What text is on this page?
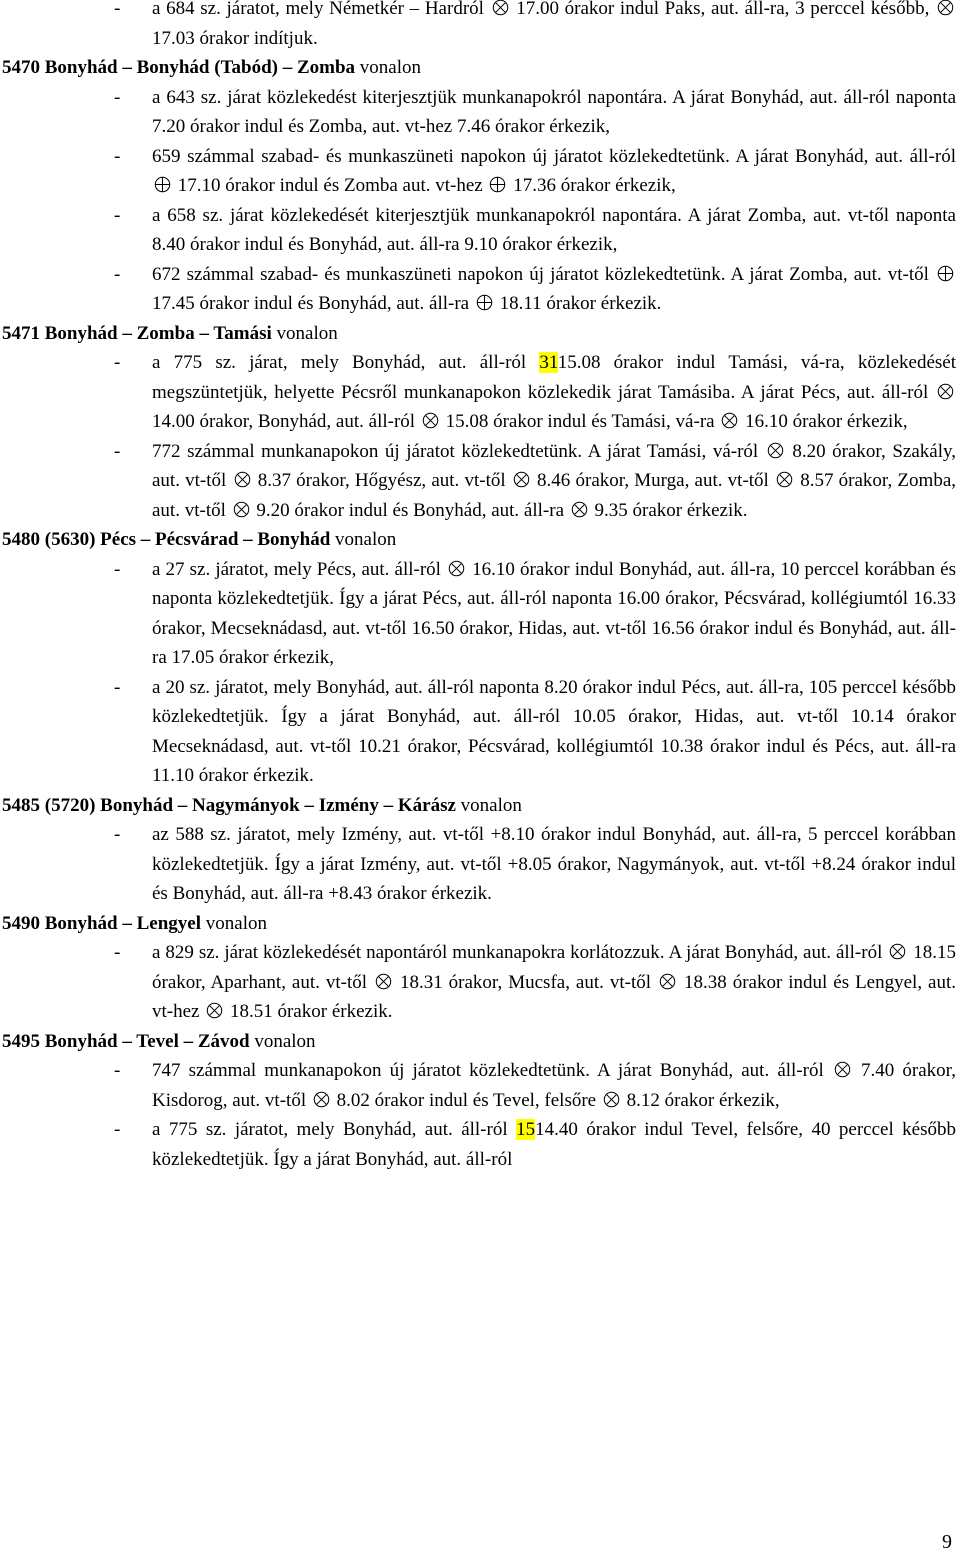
- a 684 sz. járatot, mely Németkér – Hardról  17.00 órakor indul Paks, aut. áll-ra, 3 perccel később,  17.03 órakor indítjuk.

5470 Bonyhád – Bonyhád (Tabód) – Zomba vonalon

- a 643 sz. járat közlekedést kiterjesztjük munkanapokról napontára. A járat Bonyhád, aut. áll-ról naponta 7.20 órakor indul és Zomba, aut. vt-hez 7.46 órakor érkezik,

- 659 számmal szabad- és munkaszüneti napokon új járatot közlekedtetünk. A járat Bonyhád, aut. áll-ról  17.10 órakor indul és Zomba aut. vt-hez  17.36 órakor érkezik,

- a 658 sz. járat közlekedését kiterjesztjük munkanapokról napontára. A járat Zomba, aut. vt-től naponta 8.40 órakor indul és Bonyhád, aut. áll-ra 9.10 órakor érkezik,

- 672 számmal szabad- és munkaszüneti napokon új járatot közlekedtetünk. A járat Zomba, aut. vt-től  17.45 órakor indul és Bonyhád, aut. áll-ra  18.11 órakor érkezik.

5471 Bonyhád – Zomba – Tamási vonalon

- a 775 sz. járat, mely Bonyhád, aut. áll-ról 3115.08 órakor indul Tamási, vá-ra, közlekedését megszüntetjük, helyette Pécsről munkanapokon közlekedik járat Tamásiba. A járat Pécs, aut. áll-ról  14.00 órakor, Bonyhád, aut. áll-ról  15.08 órakor indul és Tamási, vá-ra  16.10 órakor érkezik,

- 772 számmal munkanapokon új járatot közlekedtetünk. A járat Tamási, vá-ról  8.20 órakor, Szakály, aut. vt-től  8.37 órakor, Hőgyész, aut. vt-től  8.46 órakor, Murga, aut. vt-től  8.57 órakor, Zomba, aut. vt-től  9.20 órakor indul és Bonyhád, aut. áll-ra  9.35 órakor érkezik.

5480 (5630) Pécs – Pécsvárad – Bonyhád vonalon

- a 27 sz. járatot, mely Pécs, aut. áll-ról  16.10 órakor indul Bonyhád, aut. áll-ra, 10 perccel korábban és naponta közlekedtetjük. Így a járat Pécs, aut. áll-ról naponta 16.00 órakor, Pécsvárad, kollégiumtól 16.33 órakor, Mecseknádasd, aut. vt-től 16.50 órakor, Hidas, aut. vt-től 16.56 órakor indul és Bonyhád, aut. áll-ra 17.05 órakor érkezik,

- a 20 sz. járatot, mely Bonyhád, aut. áll-ról naponta 8.20 órakor indul Pécs, aut. áll-ra, 105 perccel később közlekedtetjük. Így a járat Bonyhád, aut. áll-ról 10.05 órakor, Hidas, aut. vt-től 10.14 órakor Mecseknádasd, aut. vt-től 10.21 órakor, Pécsvárad, kollégiumtól 10.38 órakor indul és Pécs, aut. áll-ra 11.10 órakor érkezik.

5485 (5720) Bonyhád – Nagymányok – Izmény – Kárász vonalon

- az 588 sz. járatot, mely Izmény, aut. vt-től +8.10 órakor indul Bonyhád, aut. áll-ra, 5 perccel korábban közlekedtetjük. Így a járat Izmény, aut. vt-től +8.05 órakor, Nagymányok, aut. vt-től +8.24 órakor indul és Bonyhád, aut. áll-ra +8.43 órakor érkezik.

5490 Bonyhád – Lengyel vonalon

- a 829 sz. járat közlekedését napontáról munkanapokra korlátozzuk. A járat Bonyhád, aut. áll-ról  18.15 órakor, Aparhant, aut. vt-től  18.31 órakor, Mucsfa, aut. vt-től  18.38 órakor indul és Lengyel, aut. vt-hez  18.51 órakor érkezik.

5495 Bonyhád – Tevel – Závod vonalon

- 747 számmal munkanapokon új járatot közlekedtetünk. A járat Bonyhád, aut. áll-ról  7.40 órakor, Kisdorog, aut. vt-től  8.02 órakor indul és Tevel, felsőre  8.12 órakor érkezik,

- a 775 sz. járatot, mely Bonyhád, aut. áll-ról 1514.40 órakor indul Tevel, felsőre, 40 perccel később közlekedtetjük. Így a járat Bonyhád, aut. áll-ról

9
